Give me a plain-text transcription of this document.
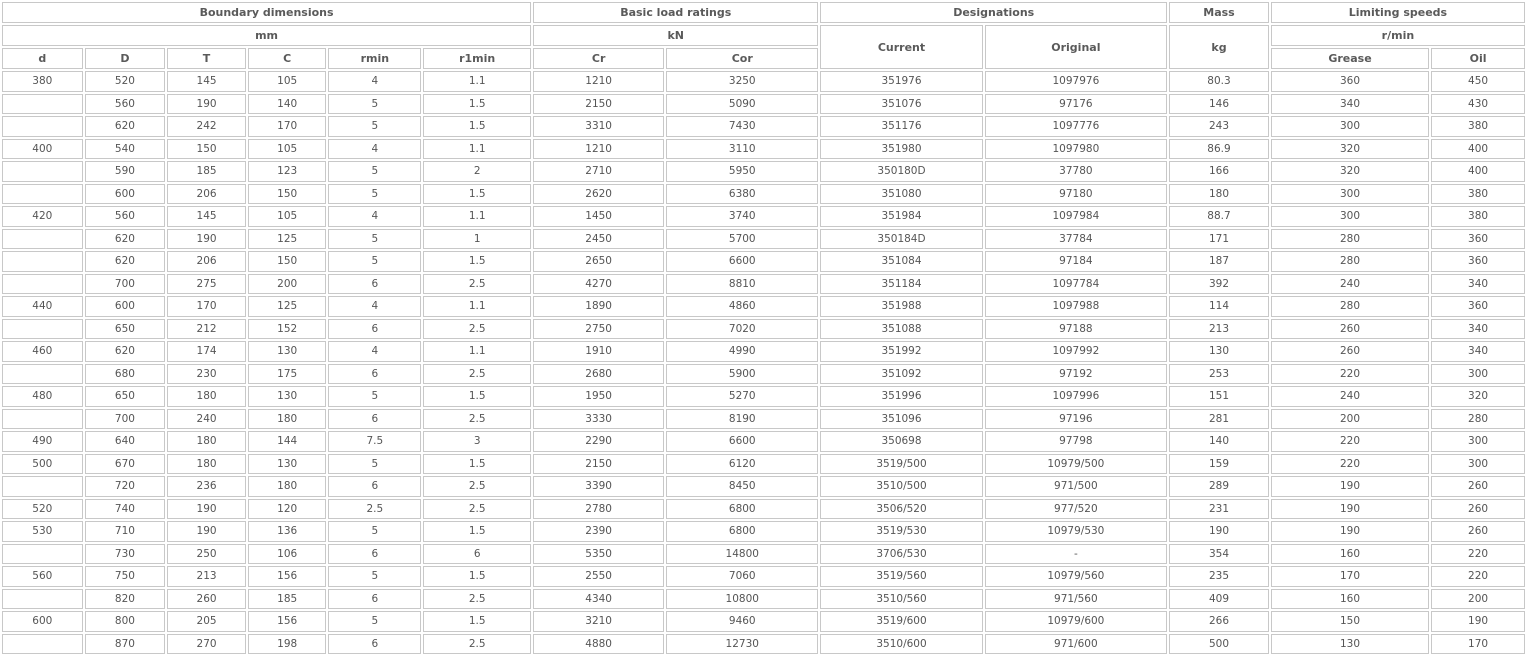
Boundary dimensions						Basic load ratings		Designations		Mass	Limiting speeds	
mm						kN		Current	Original	kg	r/min	
d	D	T	C	rmin	r1min	Cr	Cor				Grease	Oil
380	520	145	105	4	1.1	1210	3250	351976	1097976	80.3	360	450
	560	190	140	5	1.5	2150	5090	351076	97176	146	340	430
	620	242	170	5	1.5	3310	7430	351176	1097776	243	300	380
400	540	150	105	4	1.1	1210	3110	351980	1097980	86.9	320	400
	590	185	123	5	2	2710	5950	350180D	37780	166	320	400
	600	206	150	5	1.5	2620	6380	351080	97180	180	300	380
420	560	145	105	4	1.1	1450	3740	351984	1097984	88.7	300	380
	620	190	125	5	1	2450	5700	350184D	37784	171	280	360
	620	206	150	5	1.5	2650	6600	351084	97184	187	280	360
	700	275	200	6	2.5	4270	8810	351184	1097784	392	240	340
440	600	170	125	4	1.1	1890	4860	351988	1097988	114	280	360
	650	212	152	6	2.5	2750	7020	351088	97188	213	260	340
460	620	174	130	4	1.1	1910	4990	351992	1097992	130	260	340
	680	230	175	6	2.5	2680	5900	351092	97192	253	220	300
480	650	180	130	5	1.5	1950	5270	351996	1097996	151	240	320
	700	240	180	6	2.5	3330	8190	351096	97196	281	200	280
490	640	180	144	7.5	3	2290	6600	350698	97798	140	220	300
500	670	180	130	5	1.5	2150	6120	3519/500	10979/500	159	220	300
	720	236	180	6	2.5	3390	8450	3510/500	971/500	289	190	260
520	740	190	120	2.5	2.5	2780	6800	3506/520	977/520	231	190	260
530	710	190	136	5	1.5	2390	6800	3519/530	10979/530	190	190	260
	730	250	106	6	6	5350	14800	3706/530	-	354	160	220
560	750	213	156	5	1.5	2550	7060	3519/560	10979/560	235	170	220
	820	260	185	6	2.5	4340	10800	3510/560	971/560	409	160	200
600	800	205	156	5	1.5	3210	9460	3519/600	10979/600	266	150	190
	870	270	198	6	2.5	4880	12730	3510/600	971/600	500	130	170
